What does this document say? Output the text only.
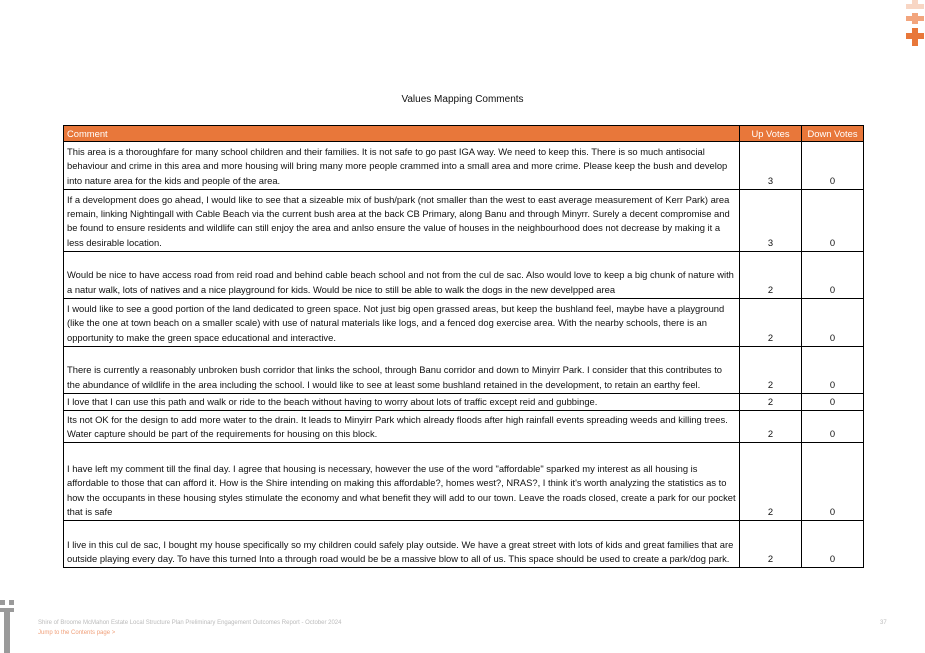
Values Mapping Comments
Comment	Up Votes	Down Votes
This area is a thoroughfare for many school children and their families. It is not safe to go past IGA way. We need to keep this. There is so much antisocial behaviour and crime in this area and more housing will bring many more people crammed into a small area and more crime. Please keep the bush and develop into nature area for the kids and people of the area.	3	0
If a development does go ahead, I would like to see that a sizeable mix of bush/park (not smaller than the west to east average measurement of Kerr Park) area remain, linking Nightingall with Cable Beach via the current bush area at the back CB Primary, along Banu and through Minyrr. Surely a decent compromise and be found to ensure residents and wildlife can still enjoy the area and anlso ensure the value of houses in the neighbourhood does not decrease by making it a less desirable location.	3	0
Would be nice to have access road from reid road and behind cable beach school and not from the cul de sac. Also would love to keep a big chunk of nature with a natur walk, lots of natives and a nice playground for kids. Would be nice to still be able to walk the dogs in the new develpped area	2	0
I would like to see a good portion of the land dedicated to green space. Not just big open grassed areas, but keep the bushland feel, maybe have a playground (like the one at town beach on a smaller scale) with use of natural materials like logs, and a fenced dog exercise area. With the nearby schools, there is an opportunity to make the green space educational and interactive.	2	0
There is currently a reasonably unbroken bush corridor that links the school, through Banu corridor and down to Minyirr Park. I consider that this contributes to the abundance of wildlife in the area including the school. I would like to see at least some bushland retained in the development, to retain an earthy feel.	2	0
I love that I can use this path and walk or ride to the beach without having to worry about lots of traffic except reid and gubbinge.	2	0
Its not OK for the design to add more water to the drain. It leads to Minyirr Park which already floods after high rainfall events spreading weeds and killing trees. Water capture should be part of the requirements for housing on this block.	2	0
I have left my comment till the final day. I agree that housing is necessary, however the use of the word "affordable" sparked my interest as all housing is affordable to those that can afford it. How is the Shire intending on making this affordable?, homes west?, NRAS?, I think it's worth analyzing the statistics as to how the occupants in these housing styles stimulate the economy and what benefit they will add to our town. Leave the roads closed, create a park for our pocket that is safe	2	0
I live in this cul de sac, I bought my house specifically so my children could safely play outside. We have a great street with lots of kids and great families that are outside playing every day. To have this turned Into a through road would be be a massive blow to all of us. This space should be used to create a park/dog park.	2	0
Shire of Broome McMahon Estate Local Structure Plan Preliminary Engagement Outcomes Report - October 2024
Jump to the Contents page >
37
